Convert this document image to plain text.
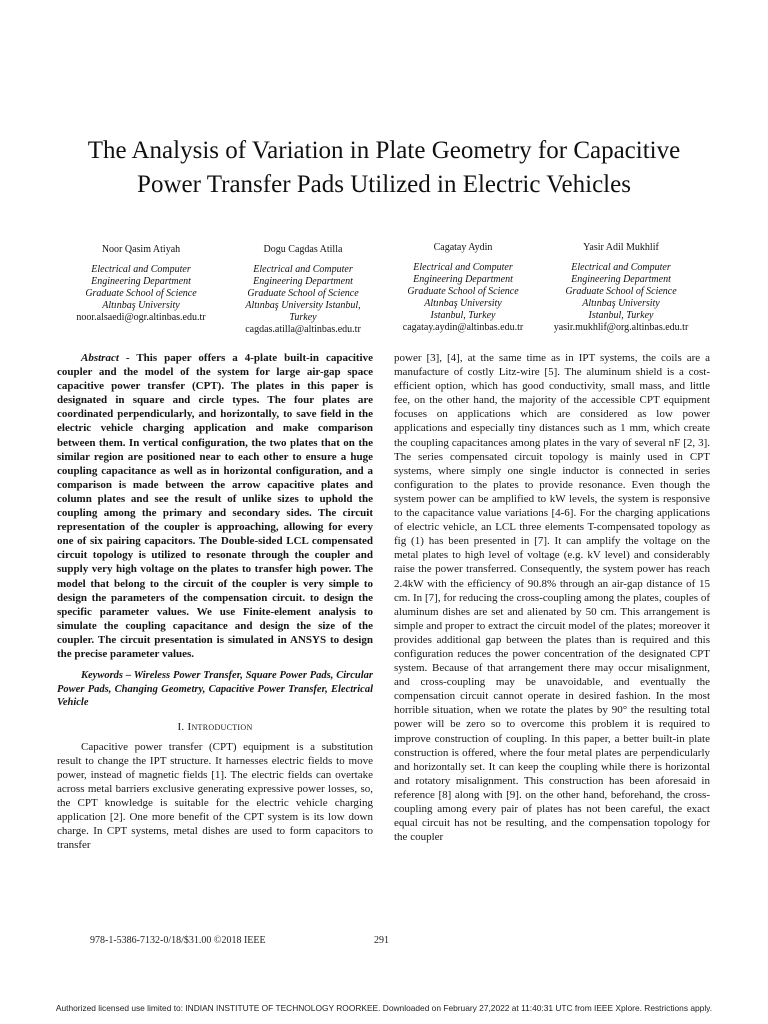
The Analysis of Variation in Plate Geometry for Capacitive Power Transfer Pads Utilized in Electric Vehicles
Noor Qasim Atiyah
Electrical and Computer
Engineering Department
Graduate School of Science
Altınbaş University
noor.alsaedi@ogr.altinbas.edu.tr
Dogu Cagdas Atilla
Electrical and Computer
Engineering Department
Graduate School of Science
Altınbaş University Istanbul,
Turkey
cagdas.atilla@altinbas.edu.tr
Cagatay Aydin
Electrical and Computer
Engineering Department
Graduate School of Science
Altınbaş University
Istanbul, Turkey
cagatay.aydin@altinbas.edu.tr
Yasir Adil Mukhlif
Electrical and Computer
Engineering Department
Graduate School of Science
Altınbaş University
Istanbul, Turkey
yasir.mukhlif@org.altinbas.edu.tr

Abstract - This paper offers a 4-plate built-in capacitive coupler and the model of the system for large air-gap space capacitive power transfer (CPT). The plates in this paper is designated in square and circle types. The four plates are coordinated perpendicularly, and horizontally, to save field in the electric vehicle charging application and make comparison between them. In vertical configuration, the two plates that on the similar region are positioned near to each other to ensure a huge coupling capacitance as well as in horizontal configuration, and a comparison is made between the arrow capacitive plates and column plates and see the result of unlike sizes to uphold the coupling among the primary and secondary sides. The circuit representation of the coupler is approaching, allowing for every one of six pairing capacitors. The Double-sided LCL compensated circuit topology is utilized to resonate through the coupler and supply very high voltage on the plates to transfer high power. The model that belong to the circuit of the coupler is very simple to design the parameters of the compensation circuit. to design the specific parameter values. We use Finite-element analysis to simulate the coupling capacitance and design the size of the coupler. The circuit presentation is simulated in ANSYS to design the precise parameter values.

Keywords – Wireless Power Transfer, Square Power Pads, Circular Power Pads, Changing Geometry, Capacitive Power Transfer, Electrical Vehicle

I. Introduction

Capacitive power transfer (CPT) equipment is a substitution result to change the IPT structure. It harnesses electric fields to move power, instead of magnetic fields [1]. The electric fields can overtake across metal barriers exclusive generating expressive power losses, so, the CPT knowledge is suitable for the electric vehicle charging application [2]. One more benefit of the CPT system is its low down charge. In CPT systems, metal dishes are used to form capacitors to transfer

power [3], [4], at the same time as in IPT systems, the coils are a manufacture of costly Litz-wire [5]. The aluminum shield is a cost-efficient option, which has good conductivity, small mass, and little fee, on the other hand, the majority of the accessible CPT equipment focuses on applications which are considered as low power applications and especially tiny distances such as 1 mm, which create the coupling capacitances among plates in the vary of several nF [2, 3]. The series compensated circuit topology is mainly used in CPT systems, where simply one single inductor is connected in series configuration to the plates to provide resonance. Even though the system power can be amplified to kW levels, the system is responsive to the capacitance value variations [4-6]. For the charging applications of electric vehicle, an LCL three elements T-compensated topology as fig (1) has been presented in [7]. It can amplify the voltage on the metal plates to high level of voltage (e.g. kV level) and considerably raise the power transferred. Consequently, the system power has reach 2.4kW with the efficiency of 90.8% through an air-gap distance of 15 cm. In [7], for reducing the cross-coupling among the plates, couples of aluminum dishes are set and alienated by 50 cm. This arrangement is simple and proper to extract the circuit model of the plates; moreover it provides additional gap between the plates than is required and this configuration reduces the power concentration of the designated CPT system. Because of that arrangement there may occur misalignment, and cross-coupling may be unavoidable, and eventually the compensation circuit cannot operate in desired fashion. In the most horrible situation, when we rotate the plates by 90° the resulting total power will be zero so to overcome this problem it is required to improve construction of coupling. In this paper, a better built-in plate construction is offered, where the four metal plates are perpendicularly and horizontally set. It can keep the coupling while there is horizontal and rotatory misalignment. This construction has been aforesaid in reference [8] along with [9]. on the other hand, beforehand, the cross-coupling among every pair of plates has not been careful, the exact equal circuit has not be resulting, and the compensation topology for the coupler

978-1-5386-7132-0/18/$31.00 ©2018 IEEE	291
Authorized licensed use limited to: INDIAN INSTITUTE OF TECHNOLOGY ROORKEE. Downloaded on February 27,2022 at 11:40:31 UTC from IEEE Xplore. Restrictions apply.
